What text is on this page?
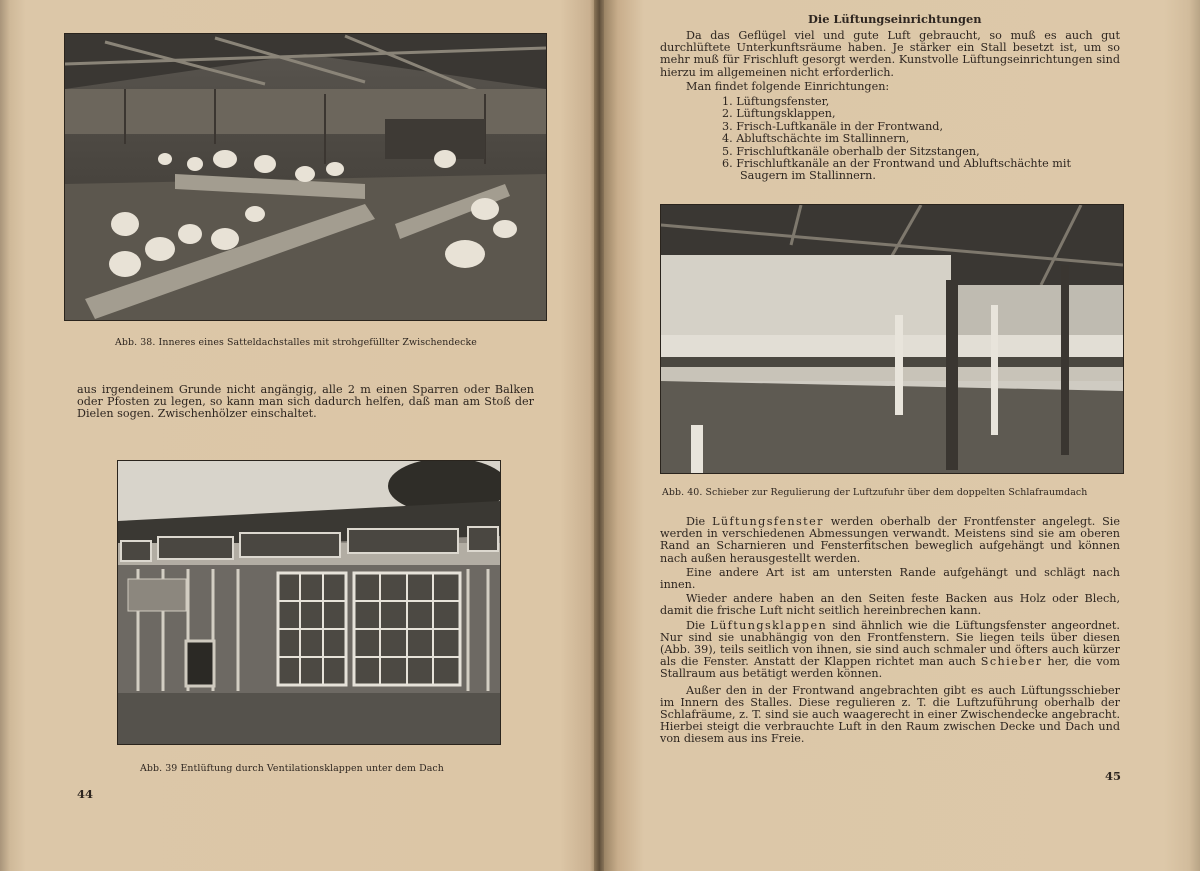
Abb. 38. Inneres eines Satteldachstalles mit strohgefüllter Zwischendecke
aus irgendeinem Grunde nicht angängig, alle 2 m einen Sparren oder Balken oder Pfosten zu legen, so kann man sich dadurch helfen, daß man am Stoß der Dielen sogen. Zwischenhölzer einschaltet.
Abb. 39 Entlüftung durch Ventilationsklappen unter dem Dach
44
Die Lüftungseinrichtungen
Da das Geflügel viel und gute Luft gebraucht, so muß es auch gut durchlüftete Unterkunftsräume haben. Je stärker ein Stall besetzt ist, um so mehr muß für Frischluft gesorgt werden. Kunstvolle Lüftungseinrichtungen sind hierzu im allgemeinen nicht erforderlich.
Man findet folgende Einrichtungen:
1. Lüftungsfenster,
2. Lüftungsklappen,
3. Frisch-Luftkanäle in der Frontwand,
4. Abluftschächte im Stallinnern,
5. Frischluftkanäle oberhalb der Sitzstangen,
6. Frischluftkanäle an der Frontwand und Abluftschächte mit
Saugern im Stallinnern.
Abb. 40. Schieber zur Regulierung der Luftzufuhr über dem doppelten Schlafraumdach

Die Lüftungsfenster werden oberhalb der Frontfenster angelegt. Sie werden in verschiedenen Abmessungen verwandt. Meistens sind sie am oberen Rand an Scharnieren und Fensterfitschen beweglich aufgehängt und können nach außen herausgestellt werden.

Eine andere Art ist am untersten Rande aufgehängt und schlägt nach innen.

Wieder andere haben an den Seiten feste Backen aus Holz oder Blech, damit die frische Luft nicht seitlich hereinbrechen kann.

Die Lüftungsklappen sind ähnlich wie die Lüftungsfenster angeordnet. Nur sind sie unabhängig von den Frontfenstern. Sie liegen teils über diesen (Abb. 39), teils seitlich von ihnen, sie sind auch schmaler und öfters auch kürzer als die Fenster. Anstatt der Klappen richtet man auch Schieber her, die vom Stallraum aus betätigt werden können.

Außer den in der Frontwand angebrachten gibt es auch Lüftungsschieber im Innern des Stalles. Diese regulieren z. T. die Luftzuführung oberhalb der Schlafräume, z. T. sind sie auch waagerecht in einer Zwischendecke angebracht. Hierbei steigt die verbrauchte Luft in den Raum zwischen Decke und Dach und von diesem aus ins Freie.

45
